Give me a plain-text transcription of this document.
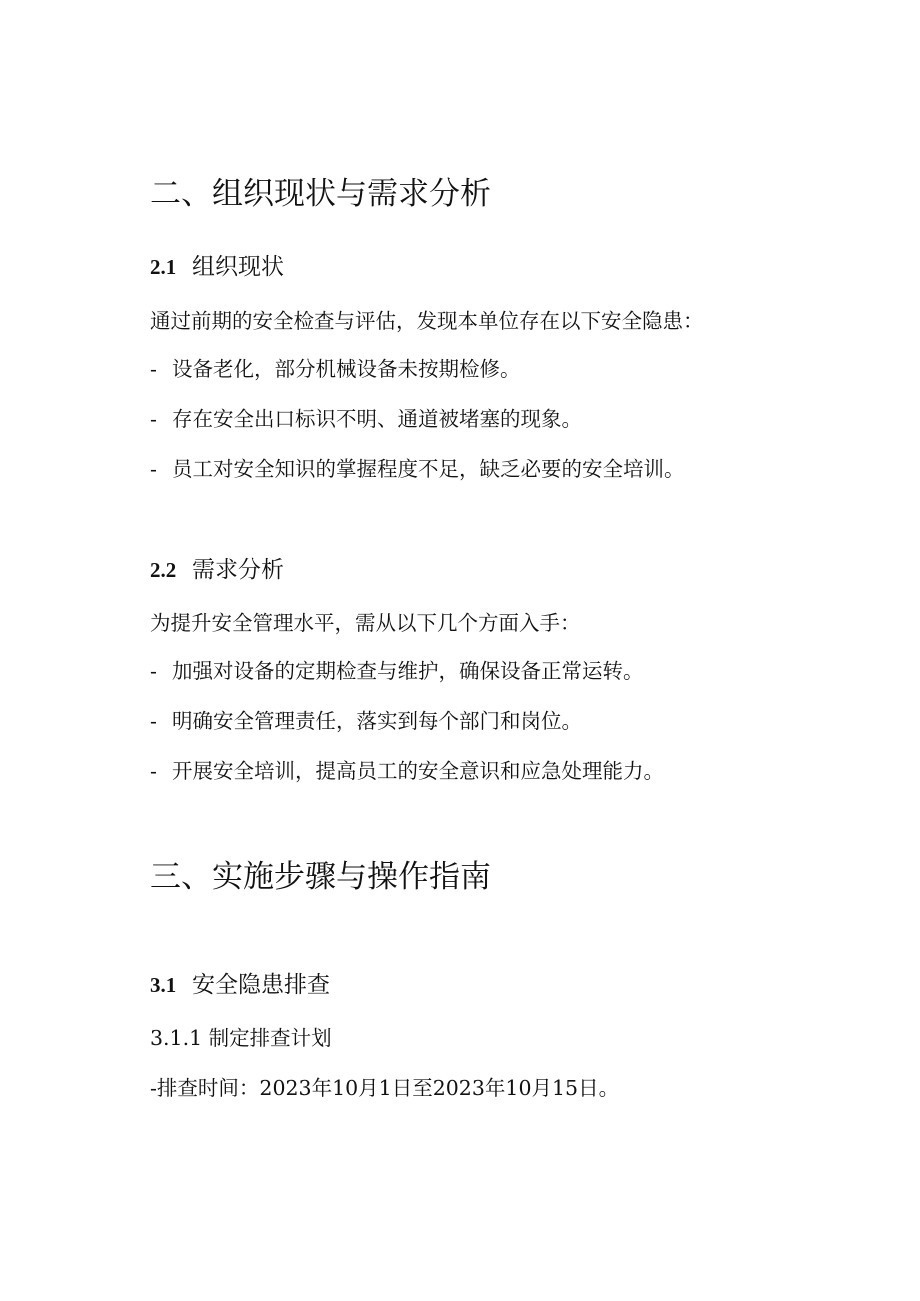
二、组织现状与需求分析
2.1 组织现状

通过前期的安全检查与评估，发现本单位存在以下安全隐患：

- 设备老化，部分机械设备未按期检修。

- 存在安全出口标识不明、通道被堵塞的现象。

- 员工对安全知识的掌握程度不足，缺乏必要的安全培训。

2.2 需求分析

为提升安全管理水平，需从以下几个方面入手：

- 加强对设备的定期检查与维护，确保设备正常运转。

- 明确安全管理责任，落实到每个部门和岗位。

- 开展安全培训，提高员工的安全意识和应急处理能力。

三、实施步骤与操作指南
3.1 安全隐患排查

3.1.1 制定排查计划

-排查时间：2023年10月1日至2023年10月15日。
